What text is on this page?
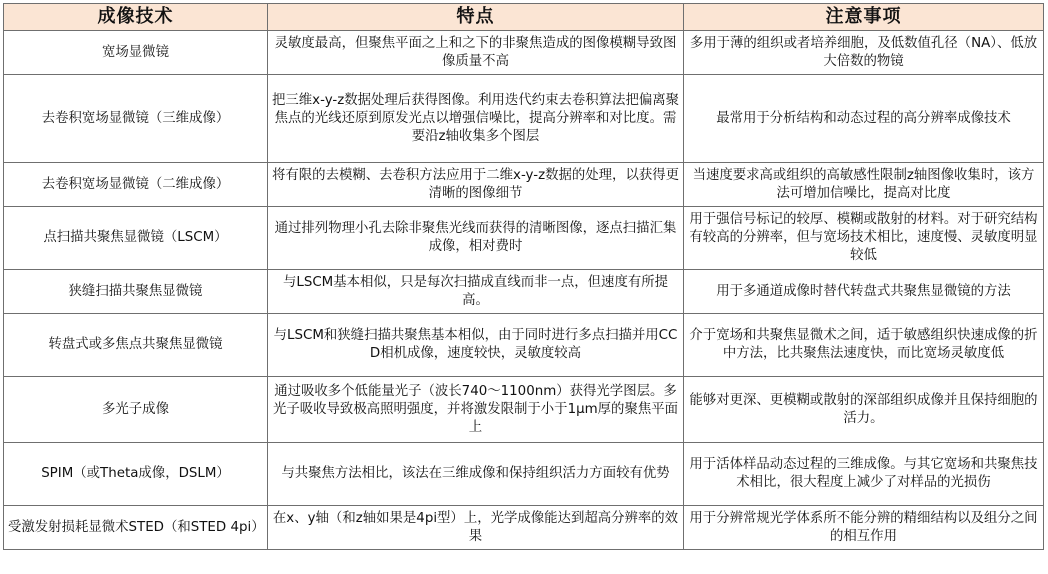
成像技术	特点	注意事项
宽场显微镜	灵敏度最高，但聚焦平面之上和之下的非聚焦造成的图像模糊导致图像质量不高	多用于薄的组织或者培养细胞，及低数值孔径（NA）、低放大倍数的物镜
去卷积宽场显微镜（三维成像）	把三维x-y-z数据处理后获得图像。利用迭代约束去卷积算法把偏离聚焦点的光线还原到原发光点以增强信噪比，提高分辨率和对比度。需要沿z轴收集多个图层	最常用于分析结构和动态过程的高分辨率成像技术
去卷积宽场显微镜（二维成像）	将有限的去模糊、去卷积方法应用于二维x-y-z数据的处理，以获得更清晰的图像细节	当速度要求高或组织的高敏感性限制z轴图像收集时，该方法可增加信噪比，提高对比度
点扫描共聚焦显微镜（LSCM）	通过排列物理小孔去除非聚焦光线而获得的清晰图像，逐点扫描汇集成像，相对费时	用于强信号标记的较厚、模糊或散射的材料。对于研究结构有较高的分辨率，但与宽场技术相比，速度慢、灵敏度明显较低
狭缝扫描共聚焦显微镜	与LSCM基本相似，只是每次扫描成直线而非一点，但速度有所提高。	用于多通道成像时替代转盘式共聚焦显微镜的方法
转盘式或多焦点共聚焦显微镜	与LSCM和狭缝扫描共聚焦基本相似，由于同时进行多点扫描并用CCD相机成像，速度较快，灵敏度较高	介于宽场和共聚焦显微术之间，适于敏感组织快速成像的折中方法，比共聚焦法速度快，而比宽场灵敏度低
多光子成像	通过吸收多个低能量光子（波长740～1100nm）获得光学图层。多光子吸收导致极高照明强度，并将激发限制于小于1μm厚的聚焦平面上	能够对更深、更模糊或散射的深部组织成像并且保持细胞的活力。
SPIM（或Theta成像，DSLM）	与共聚焦方法相比，该法在三维成像和保持组织活力方面较有优势	用于活体样品动态过程的三维成像。与其它宽场和共聚焦技术相比，很大程度上减少了对样品的光损伤
受激发射损耗显微术STED（和STED 4pi）	在x、y轴（和z轴如果是4pi型）上，光学成像能达到超高分辨率的效果	用于分辨常规光学体系所不能分辨的精细结构以及组分之间的相互作用
